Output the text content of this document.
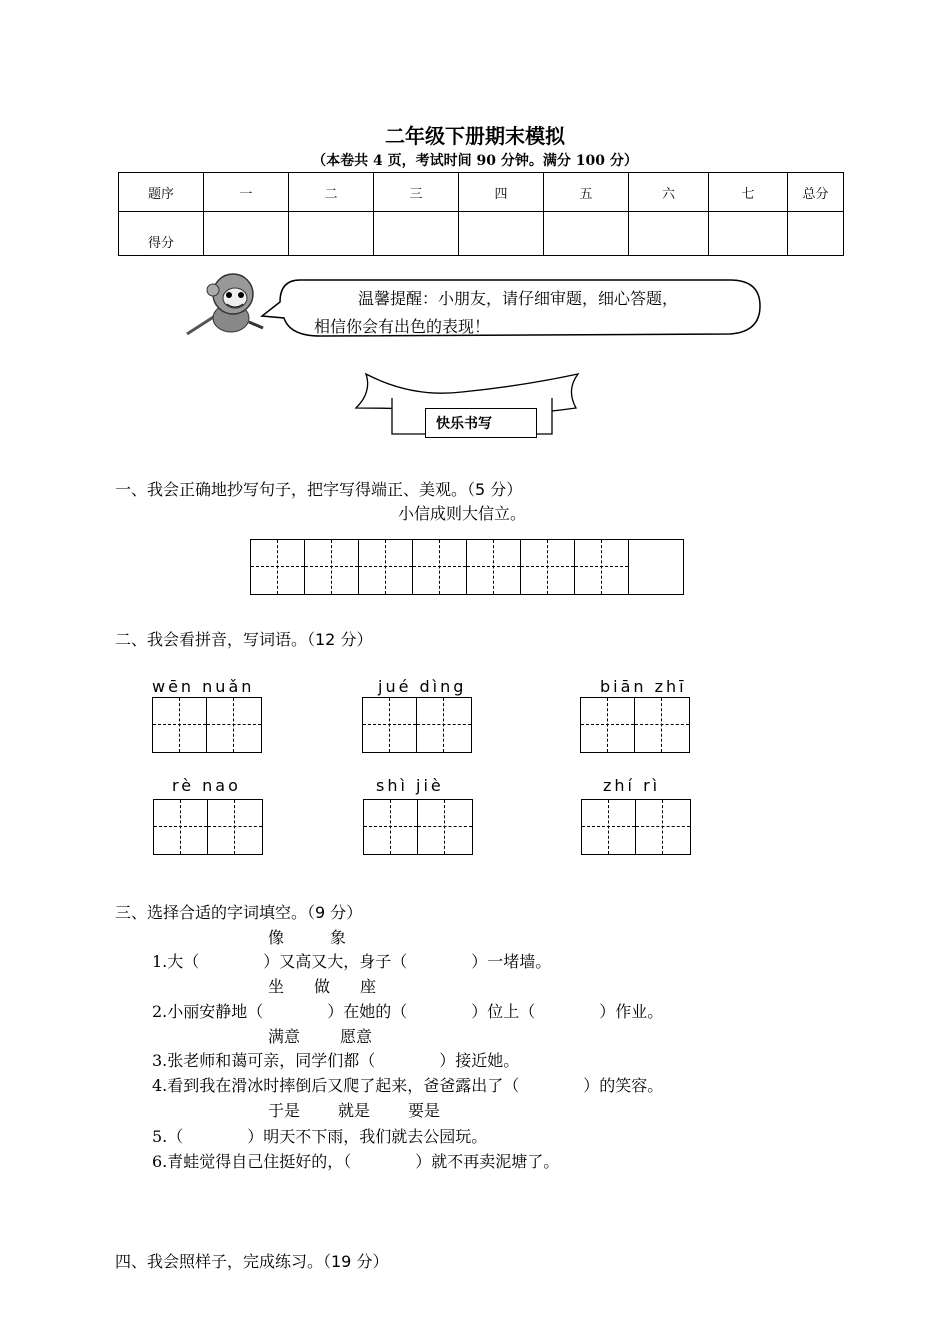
二年级下册期末模拟
（本卷共 4 页，考试时间 90 分钟。满分 100 分）
题序	一	二	三	四	五	六	七	总分
得分								
温馨提醒：小朋友，请仔细审题，细心答题，
相信你会有出色的表现！
快乐书写
一、我会正确地抄写句子，把字写得端正、美观。（5 分）
小信成则大信立。
二、我会看拼音，写词语。（12 分）
wēn nuǎn	jué dìng	biān zhī
rè nao	shì jiè	zhí rì
三、选择合适的字词填空。（9 分）
像	象
1.大（　　　　）又高又大，身子（　　　　）一堵墙。
坐 做 座
2.小丽安静地（　　　　）在她的（　　　　）位上（　　　　）作业。
满意	愿意
3.张老师和蔼可亲，同学们都（　　　　）接近她。
4.看到我在滑冰时摔倒后又爬了起来，爸爸露出了（　　　　）的笑容。
于是 就是 要是
5.（　　　　）明天不下雨，我们就去公园玩。
6.青蛙觉得自己住挺好的，（　　　　）就不再卖泥塘了。
四、我会照样子，完成练习。（19 分）
